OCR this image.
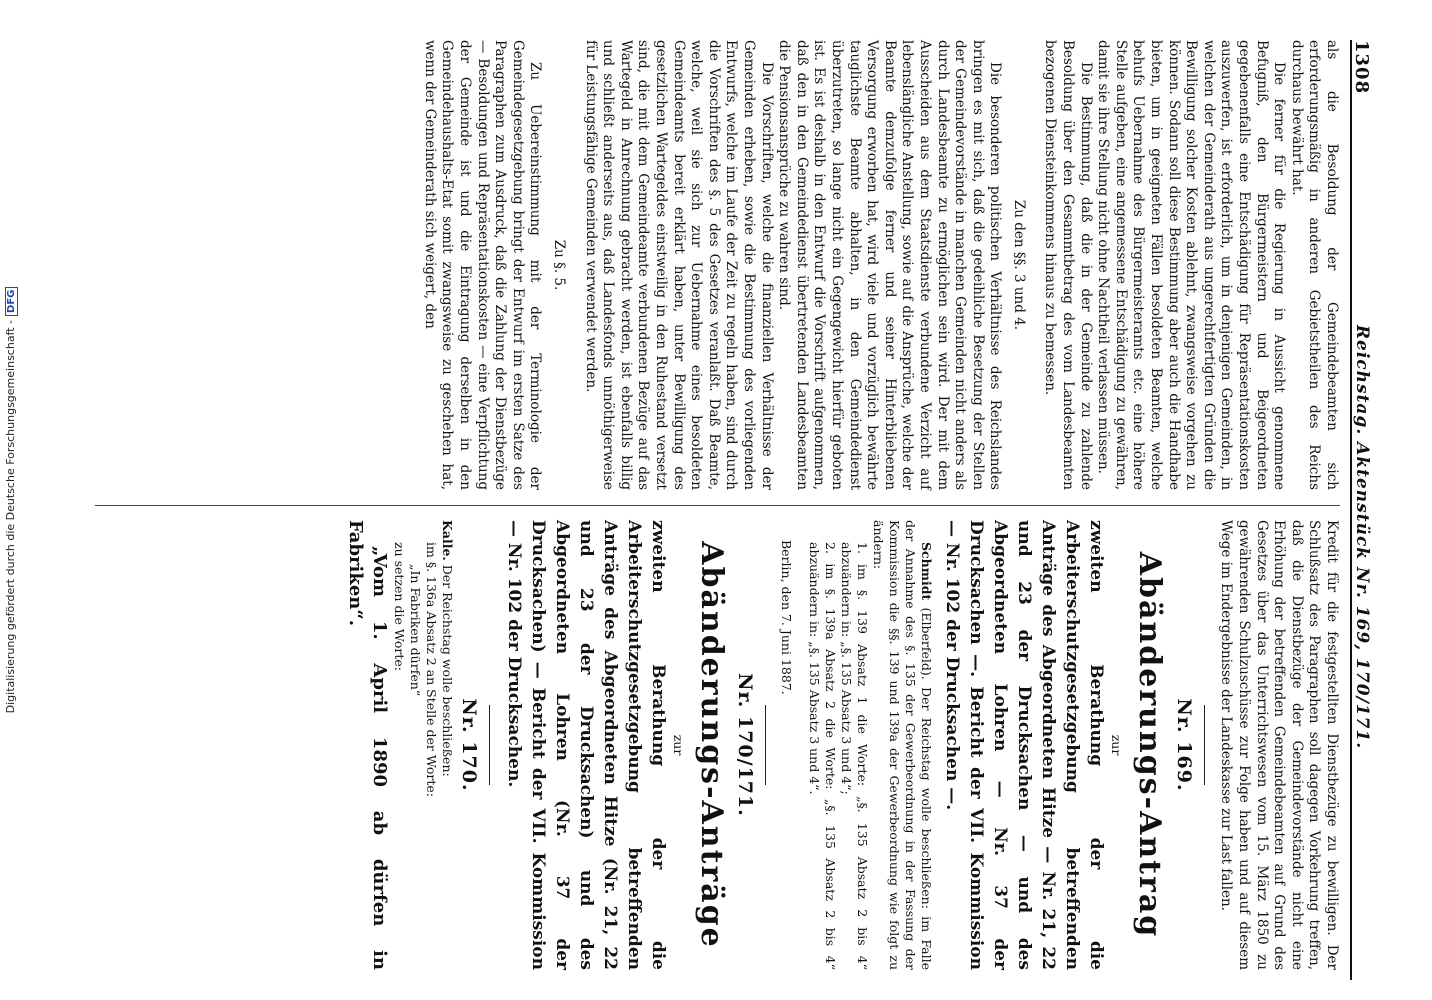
Digitalisierung gefördert durch die Deutsche Forschungsgemeinschaft -DFG
1308
Reichstag. Aktenstück Nr. 169, 170/171.

als die Besoldung der Gemeindebeamten sich erforderungsmäßig in anderen Gebietstheilen des Reichs durchaus bewährt hat.

Die ferner für die Regierung in Aussicht genommene Befugniß, den Bürgermeistern und Beigeordneten gegebenenfalls eine Entschädigung für Repräsentationskosten auszuwerfen, ist erforderlich, um in denjenigen Gemeinden, in welchen der Gemeinderath aus ungerechtfertigten Gründen die Bewilligung solcher Kosten ablehnt, zwangsweise vorgehen zu können. Sodann soll diese Bestimmung aber auch die Handhabe bieten, um in geeigneten Fällen besoldeten Beamten, welche behufs Uebernahme des Bürgermeisteramts etc. eine höhere Stelle aufgeben, eine angemessene Entschädigung zu gewähren, damit sie ihre Stellung nicht ohne Nachtheil verlassen müssen.

Die Bestimmung, daß die in der Gemeinde zu zahlende Besoldung über den Gesammtbetrag des vom Landesbeamten bezogenen Diensteinkommens hinaus zu bemessen.

Zu den §§. 3 und 4.

Die besonderen politischen Verhältnisse des Reichslandes bringen es mit sich, daß die gedeihliche Besetzung der Stellen der Gemeindevorstände in manchen Gemeinden nicht anders als durch Landesbeamte zu ermöglichen sein wird. Der mit dem Ausscheiden aus dem Staatsdienste verbundene Verzicht auf lebenslängliche Anstellung, sowie auf die Ansprüche, welche der Beamte demzufolge ferner und seiner Hinterbliebenen Versorgung erworben hat, wird viele und vorzüglich bewährte tauglichste Beamte abhalten, in den Gemeindedienst überzutreten, so lange nicht ein Gegengewicht hierfür geboten ist. Es ist deshalb in den Entwurf die Vorschrift aufgenommen, daß den in den Gemeindedienst übertretenden Landesbeamten die Pensionsansprüche zu wahren sind.

Die Vorschriften, welche die finanziellen Verhältnisse der Gemeinden erheben, sowie die Bestimmung des vorliegenden Entwurfs, welche im Laufe der Zeit zu regeln haben, sind durch die Vorschriften des §. 5 des Gesetzes veranlaßt. Daß Beamte, welche, weil sie sich zur Uebernahme eines besoldeten Gemeindeamts bereit erklärt haben, unter Bewilligung des gesetzlichen Wartegeldes einstweilig in den Ruhestand versetzt sind, die mit dem Gemeindeamte verbundenen Bezüge auf das Wartegeld in Anrechnung gebracht werden, ist ebenfalls billig und schließt anderseits aus, daß Landesfonds unnöthigerweise für Leistungsfähige Gemeinden verwendet werden.

Zu §. 5.

Zu Uebereinstimmung mit der Terminologie der Gemeindegesetzgebung bringt der Entwurf im ersten Satze des Paragraphen zum Ausdruck, daß die Zahlung der Dienstbezüge — Besoldungen und Repräsentationskosten — eine Verpflichtung der Gemeinde ist und die Eintragung derselben in den Gemeindehaushalts-Etat somit zwangsweise zu geschehen hat, wenn der Gemeinderath sich weigert, den

Kredit für die festgestellten Dienstbezüge zu bewilligen. Der Schlußsatz des Paragraphen soll dagegen Vorkehrung treffen, daß die Dienstbezüge der Gemeindevorstände nicht eine Erhöhung der betreffenden Gemeindebeamten auf Grund des Gesetzes über das Unterrichtswesen vom 15. März 1850 zu gewährenden Schulzuschüsse zur Folge haben und auf diesem Wege im Endergebnisse der Landeskasse zur Last fallen.

Nr. 169.
Abänderungs-Antrag

zur

zweiten Berathung der die Arbeiterschutzgesetzgebung betreffenden Anträge des Abgeordneten Hitze — Nr. 21, 22 und 23 der Drucksachen — und des Abgeordneten Lohren — Nr. 37 der Drucksachen —. Bericht der VII. Kommission — Nr. 102 der Drucksachen —.

Schmidt (Elberfeld). Der Reichstag wolle beschließen: im Falle der Annahme des §. 135 der Gewerbeordnung in der Fassung der Kommission die §§. 139 und 139a der Gewerbeordnung wie folgt zu ändern:

1. im §. 139 Absatz 1 die Worte: „§. 135 Absatz 2 bis 4“ abzuändern in: „§. 135 Absatz 3 und 4“;

2. im §. 139a Absatz 2 die Worte: „§. 135 Absatz 2 bis 4“ abzuändern in: „§. 135 Absatz 3 und 4“.

Berlin, den 7. Juni 1887.

Nr. 170/171.
Abänderungs-Anträge

zur

zweiten Berathung der die Arbeiterschutzgesetzgebung betreffenden Anträge des Abgeordneten Hitze (Nr. 21, 22 und 23 der Drucksachen) und des Abgeordneten Lohren (Nr. 37 der Drucksachen) — Bericht der VII. Kommission — Nr. 102 der Drucksachen.

Nr. 170.

Kalle. Der Reichstag wolle beschließen:

im §. 136a Absatz 2 an Stelle der Worte:

„In Fabriken dürfen“

zu setzen die Worte:

„Vom 1. April 1890 ab dürfen in Fabriken“.
